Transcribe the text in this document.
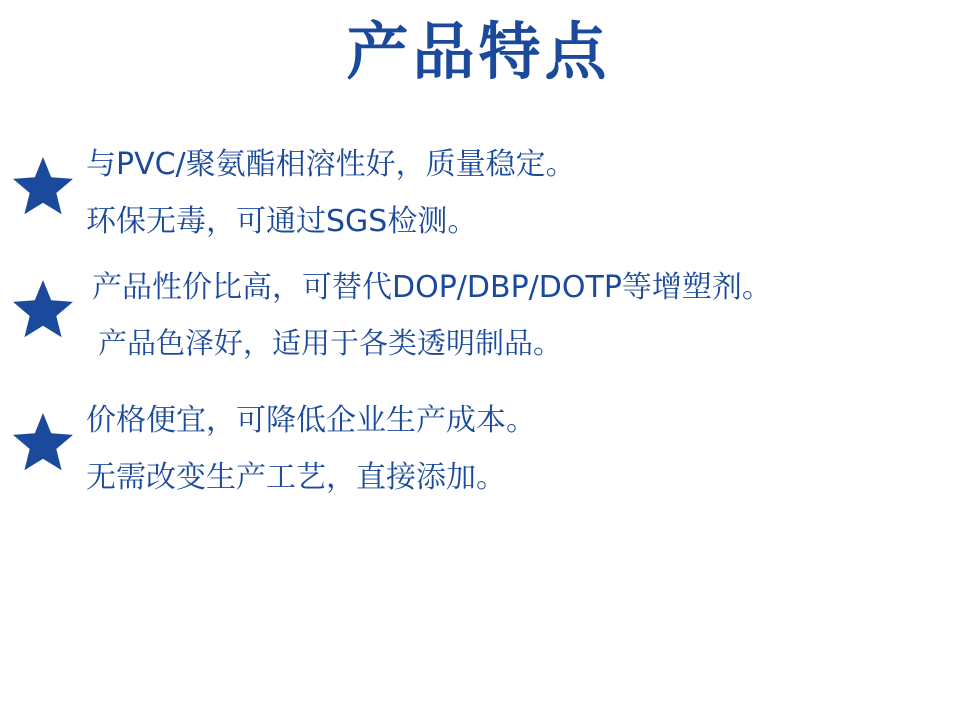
产品特点
与PVC/聚氨酯相溶性好，质量稳定。
环保无毒，可通过SGS检测。
产品性价比高，可替代DOP/DBP/DOTP等增塑剂。
产品色泽好，适用于各类透明制品。
价格便宜，可降低企业生产成本。
无需改变生产工艺，直接添加。
